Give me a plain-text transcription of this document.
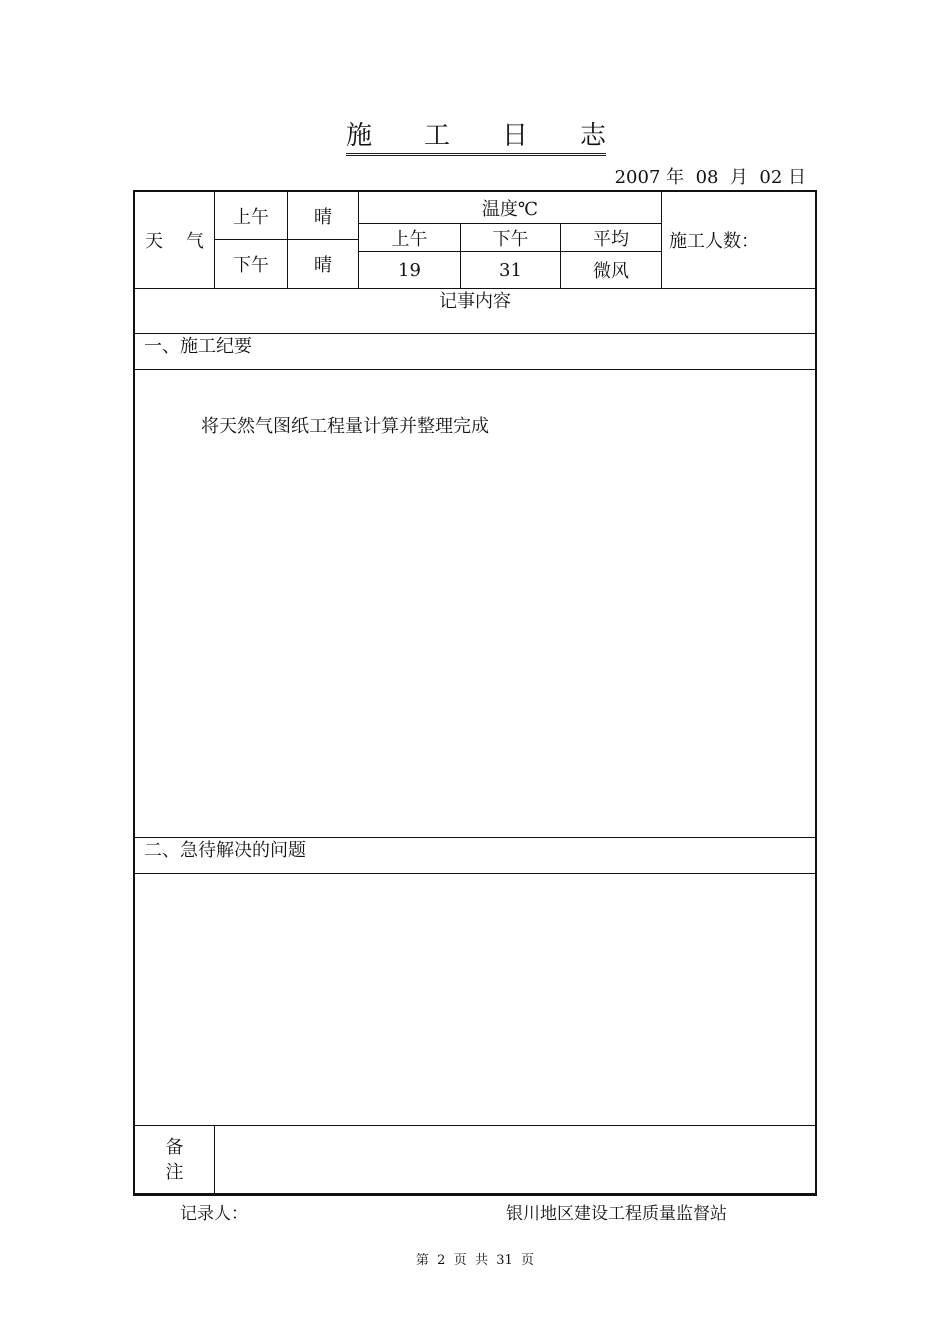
施 工 日 志
2007 年  08  月  02 日
天    气
上午	晴
下午	晴
温度℃
上午	下午	平均
19	31	微风
施工人数：
记事内容
一、施工纪要
将天然气图纸工程量计算并整理完成
二、急待解决的问题
备
注
记录人：	银川地区建设工程质量监督站
第  2  页  共  31  页
